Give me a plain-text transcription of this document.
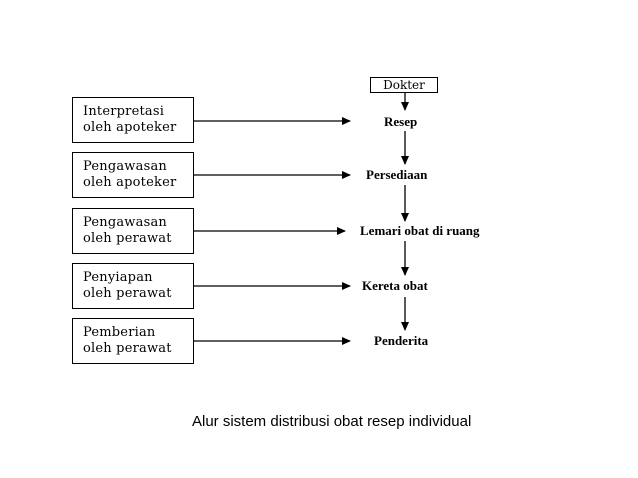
Dokter
Resep
Persediaan
Lemari obat di ruang
Kereta obat
Penderita
Interpretasi
oleh apoteker
Pengawasan
oleh apoteker
Pengawasan
oleh perawat
Penyiapan
oleh perawat
Pemberian
oleh perawat
Alur sistem distribusi obat resep individual
